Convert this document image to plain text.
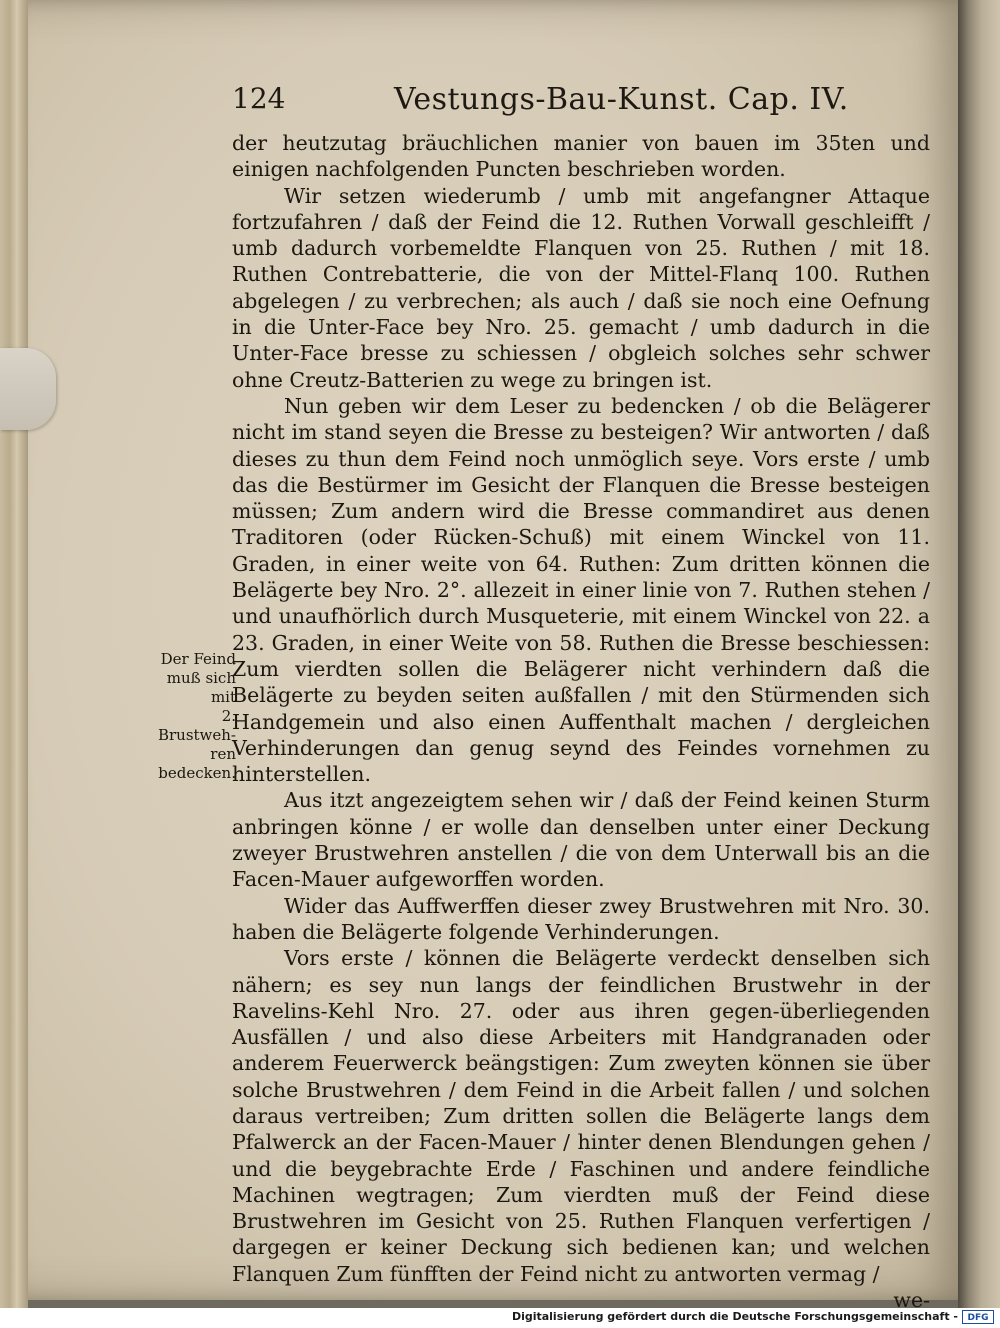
124	Vestungs-Bau-Kunst. Cap. IV.

der heutzutag bräuchlichen manier von bauen im 35ten und einigen nachfolgenden Puncten beschrieben worden.

Wir setzen wiederumb / umb mit angefangner Attaque fortzufahren / daß der Feind die 12. Ruthen Vorwall geschleifft / umb dadurch vorbemeldte Flanquen von 25. Ruthen / mit 18. Ruthen Contrebatterie, die von der Mittel-Flanq 100. Ruthen abgelegen / zu verbrechen; als auch / daß sie noch eine Oefnung in die Unter-Face bey Nro. 25. gemacht / umb dadurch in die Unter-Face bresse zu schiessen / obgleich solches sehr schwer ohne Creutz-Batterien zu wege zu bringen ist.

Nun geben wir dem Leser zu bedencken / ob die Belägerer nicht im stand seyen die Bresse zu besteigen? Wir antworten / daß dieses zu thun dem Feind noch unmöglich seye. Vors erste / umb das die Bestürmer im Gesicht der Flanquen die Bresse besteigen müssen; Zum andern wird die Bresse commandiret aus denen Traditoren (oder Rücken-Schuß) mit einem Winckel von 11. Graden, in einer weite von 64. Ruthen: Zum dritten können die Belägerte bey Nro. 2°. allezeit in einer linie von 7. Ruthen stehen / und unaufhörlich durch Musqueterie, mit einem Winckel von 22. a 23. Graden, in einer Weite von 58. Ruthen die Bresse beschiessen: Zum vierdten sollen die Belägerer nicht verhindern daß die Belägerte zu beyden seiten außfallen / mit den Stürmenden sich Handgemein und also einen Auffenthalt machen / dergleichen Verhinderungen dan genug seynd des Feindes vornehmen zu hinterstellen.

Aus itzt angezeigtem sehen wir / daß der Feind keinen Sturm anbringen könne / er wolle dan denselben unter einer Deckung zweyer Brustwehren anstellen / die von dem Unterwall bis an die Facen-Mauer aufgeworffen worden.

Wider das Auffwerffen dieser zwey Brustwehren mit Nro. 30. haben die Belägerte folgende Verhinderungen.

Vors erste / können die Belägerte verdeckt denselben sich nähern; es sey nun langs der feindlichen Brustwehr in der Ravelins-Kehl Nro. 27. oder aus ihren gegen-überliegenden Ausfällen / und also diese Arbeiters mit Handgranaden oder anderem Feuerwerck beängstigen: Zum zweyten können sie über solche Brustwehren / dem Feind in die Arbeit fallen / und solchen daraus vertreiben; Zum dritten sollen die Belägerte langs dem Pfalwerck an der Facen-Mauer / hinter denen Blendungen gehen / und die beygebrachte Erde / Faschinen und andere feindliche Machinen wegtragen; Zum vierdten muß der Feind diese Brustwehren im Gesicht von 25. Ruthen Flanquen verfertigen / dargegen er keiner Deckung sich bedienen kan; und welchen Flanquen Zum fünfften der Feind nicht zu antworten vermag /

we-

Der Feind
muß sich mit
2. Brustweh-
ren bedecken.
Digitalisierung gefördert durch die Deutsche Forschungsgemeinschaft -	DFG
